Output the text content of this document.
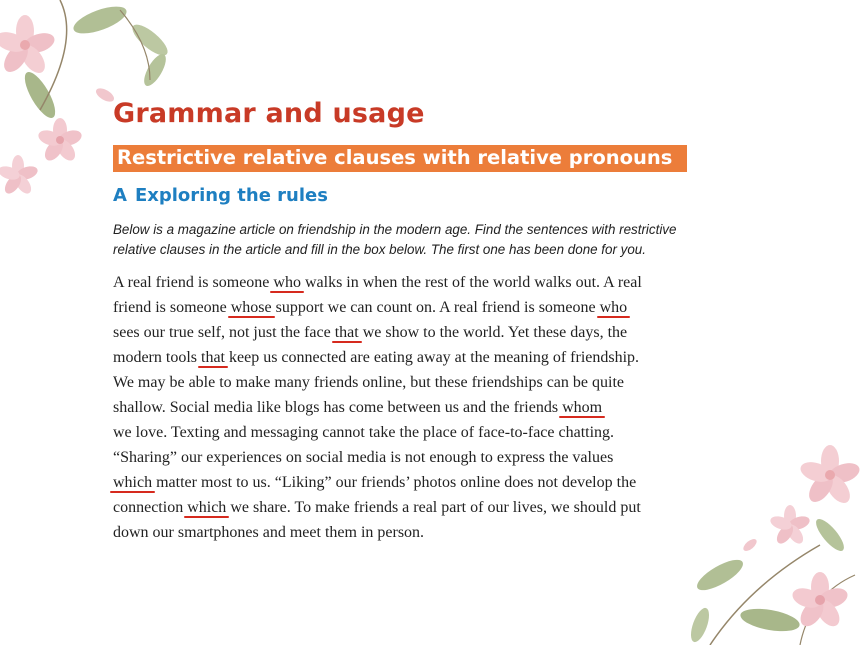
Grammar and usage
Restrictive relative clauses with relative pronouns
A Exploring the rules
Below is a magazine article on friendship in the modern age. Find the sentences with restrictive
relative clauses in the article and fill in the box below. The first one has been done for you.
A real friend is someone who walks in when the rest of the world walks out. A real
friend is someone whose support we can count on. A real friend is someone who
sees our true self, not just the face that we show to the world. Yet these days, the
modern tools that keep us connected are eating away at the meaning of friendship.
We may be able to make many friends online, but these friendships can be quite
shallow. Social media like blogs has come between us and the friends whom
we love. Texting and messaging cannot take the place of face-to-face chatting.
“Sharing” our experiences on social media is not enough to express the values
which matter most to us. “Liking” our friends’ photos online does not develop the
connection which we share. To make friends a real part of our lives, we should put
down our smartphones and meet them in person.
